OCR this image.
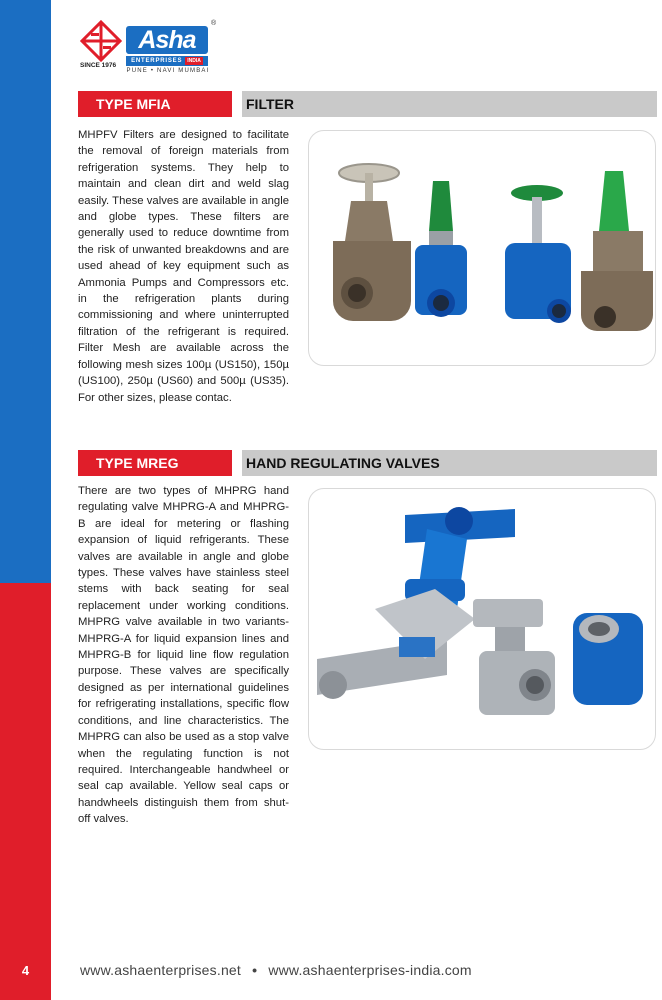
4
SINCE 1976
Asha
®
ENTERPRISES	INDIA
PUNE • NAVI MUMBAI
TYPE MFIA	FILTER

MHPFV Filters are designed to facilitate the removal of foreign materials from refrigeration systems. They help to maintain and clean dirt and weld slag easily. These valves are available in angle and globe types. These filters are generally used to reduce downtime from the risk of unwanted breakdowns and are used ahead of key equipment such as Ammonia Pumps and Compressors etc. in the refrigeration plants during commissioning and where uninterrupted filtration of the refrigerant is required. Filter Mesh are available across the following mesh sizes 100µ (US150), 150µ (US100), 250µ (US60) and 500µ (US35). For other sizes, please contac.

TYPE MREG	HAND REGULATING VALVES

There are two types of MHPRG hand regulating valve MHPRG-A and MHPRG-B are ideal for metering or flashing expansion of liquid refrigerants. These valves are available in angle and globe types. These valves have stainless steel stems with back seating for seal replacement under working conditions. MHPRG valve available in two variants- MHPRG-A for liquid expansion lines and MHPRG-B for liquid line flow regulation purpose. These valves are specifically designed as per international guidelines for refrigerating installations, specific flow conditions, and line characteristics. The MHPRG can also be used as a stop valve when the regulating function is not required. Interchangeable handwheel or seal cap available. Yellow seal caps or handwheels distinguish them from shut-off valves.

www.ashaenterprises.net • www.ashaenterprises-india.com
